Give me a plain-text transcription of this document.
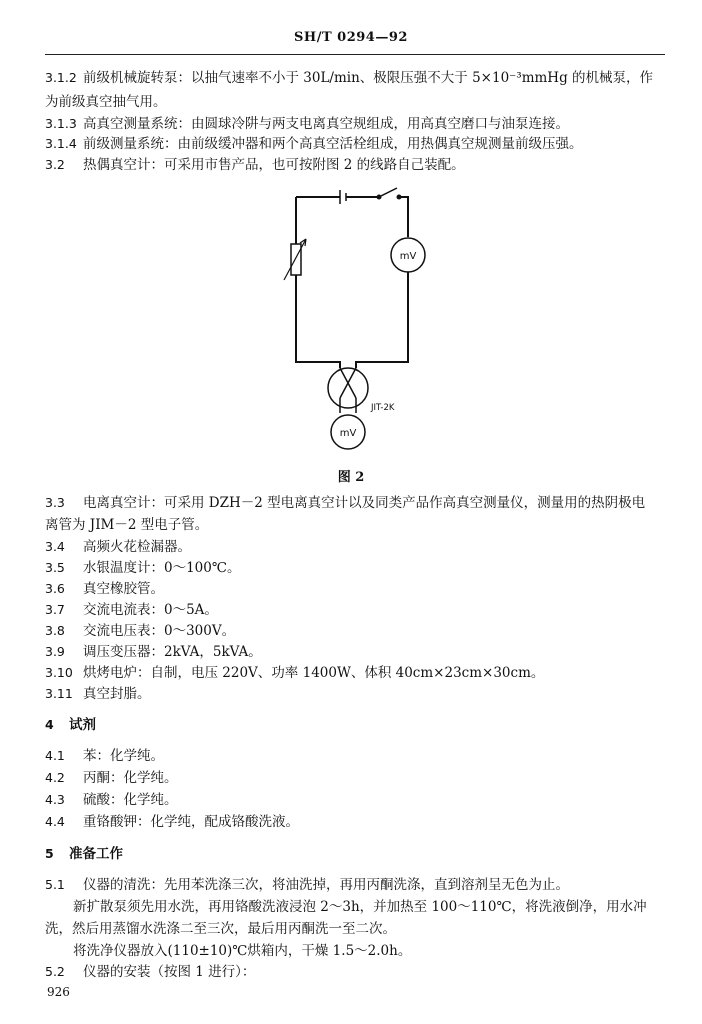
SH/T 0294—92
3.1.2 前级机械旋转泵：以抽气速率不小于 30L/min、极限压强不大于 5×10⁻³mmHg 的机械泵，作
为前级真空抽气用。
3.1.3 高真空测量系统：由圆球冷阱与两支电离真空规组成，用高真空磨口与油泵连接。
3.1.4 前级测量系统：由前级缓冲器和两个高真空活栓组成，用热偶真空规测量前级压强。
3.2 热偶真空计：可采用市售产品，也可按附图 2 的线路自己装配。
mV
mV
JIT-2K
图 2
3.3 电离真空计：可采用 DZH－2 型电离真空计以及同类产品作高真空测量仪，测量用的热阴极电
离管为 JIM－2 型电子管。
3.4 高频火花检漏器。
3.5 水银温度计：0～100℃。
3.6 真空橡胶管。
3.7 交流电流表：0～5A。
3.8 交流电压表：0～300V。
3.9 调压变压器：2kVA，5kVA。
3.10 烘烤电炉：自制，电压 220V、功率 1400W、体积 40cm×23cm×30cm。
3.11 真空封脂。
4 试剂
4.1 苯：化学纯。
4.2 丙酮：化学纯。
4.3 硫酸：化学纯。
4.4 重铬酸钾：化学纯，配成铬酸洗液。
5 准备工作
5.1 仪器的清洗：先用苯洗涤三次，将油洗掉，再用丙酮洗涤，直到溶剂呈无色为止。
新扩散泵须先用水洗，再用铬酸洗液浸泡 2～3h，并加热至 100～110℃，将洗液倒净，用水冲
洗，然后用蒸馏水洗涤二至三次，最后用丙酮洗一至二次。
将洗净仪器放入(110±10)℃烘箱内，干燥 1.5～2.0h。
5.2 仪器的安装（按图 1 进行）：
926
